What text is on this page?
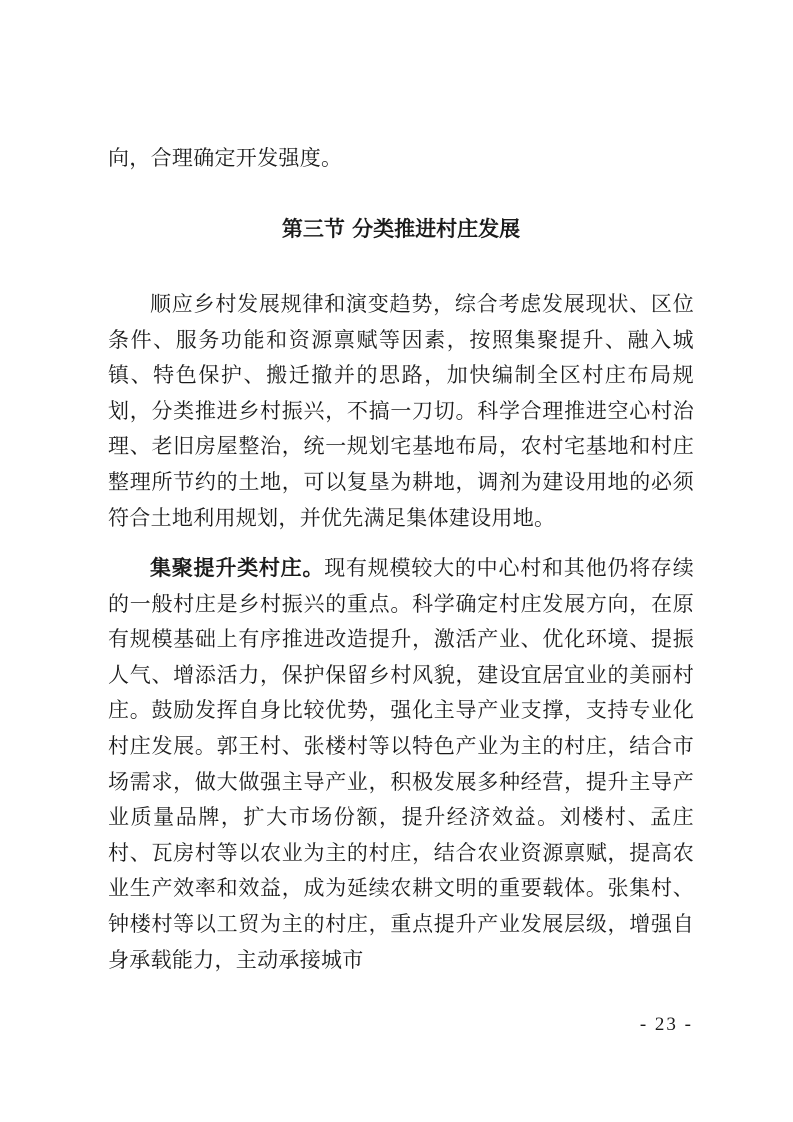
向，合理确定开发强度。

第三节 分类推进村庄发展

顺应乡村发展规律和演变趋势，综合考虑发展现状、区位条件、服务功能和资源禀赋等因素，按照集聚提升、融入城镇、特色保护、搬迁撤并的思路，加快编制全区村庄布局规划，分类推进乡村振兴，不搞一刀切。科学合理推进空心村治理、老旧房屋整治，统一规划宅基地布局，农村宅基地和村庄整理所节约的土地，可以复垦为耕地，调剂为建设用地的必须符合土地利用规划，并优先满足集体建设用地。

集聚提升类村庄。现有规模较大的中心村和其他仍将存续的一般村庄是乡村振兴的重点。科学确定村庄发展方向，在原有规模基础上有序推进改造提升，激活产业、优化环境、提振人气、增添活力，保护保留乡村风貌，建设宜居宜业的美丽村庄。鼓励发挥自身比较优势，强化主导产业支撑，支持专业化村庄发展。郭王村、张楼村等以特色产业为主的村庄，结合市场需求，做大做强主导产业，积极发展多种经营，提升主导产业质量品牌，扩大市场份额，提升经济效益。刘楼村、孟庄村、瓦房村等以农业为主的村庄，结合农业资源禀赋，提高农业生产效率和效益，成为延续农耕文明的重要载体。张集村、钟楼村等以工贸为主的村庄，重点提升产业发展层级，增强自身承载能力，主动承接城市

- 23 -
